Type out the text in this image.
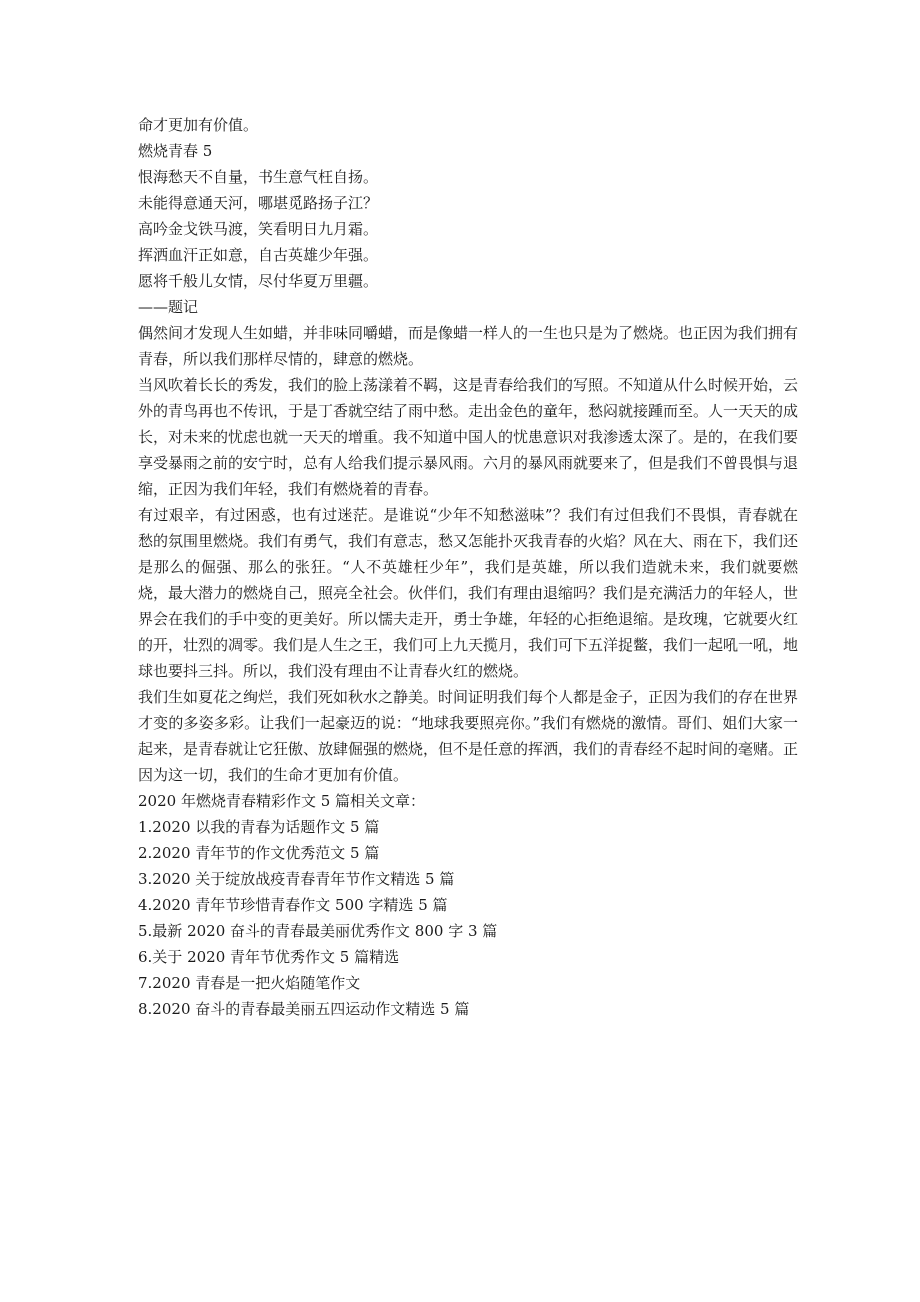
命才更加有价值。

燃烧青春 5

恨海愁天不自量，书生意气枉自扬。

未能得意通天河，哪堪觅路扬子江？

高吟金戈铁马渡，笑看明日九月霜。

挥洒血汗正如意，自古英雄少年强。

愿将千般儿女情，尽付华夏万里疆。

——题记

偶然间才发现人生如蜡，并非味同嚼蜡，而是像蜡一样人的一生也只是为了燃烧。也正因为我们拥有青春，所以我们那样尽情的，肆意的燃烧。

当风吹着长长的秀发，我们的脸上荡漾着不羁，这是青春给我们的写照。不知道从什么时候开始，云外的青鸟再也不传讯，于是丁香就空结了雨中愁。走出金色的童年，愁闷就接踵而至。人一天天的成长，对未来的忧虑也就一天天的增重。我不知道中国人的忧患意识对我渗透太深了。是的，在我们要享受暴雨之前的安宁时，总有人给我们提示暴风雨。六月的暴风雨就要来了，但是我们不曾畏惧与退缩，正因为我们年轻，我们有燃烧着的青春。

有过艰辛，有过困惑，也有过迷茫。是谁说“少年不知愁滋味”？我们有过但我们不畏惧，青春就在愁的氛围里燃烧。我们有勇气，我们有意志，愁又怎能扑灭我青春的火焰？风在大、雨在下，我们还是那么的倔强、那么的张狂。“人不英雄枉少年”，我们是英雄，所以我们造就未来，我们就要燃烧，最大潜力的燃烧自己，照亮全社会。伙伴们，我们有理由退缩吗？我们是充满活力的年轻人，世界会在我们的手中变的更美好。所以懦夫走开，勇士争雄，年轻的心拒绝退缩。是玫瑰，它就要火红的开，壮烈的凋零。我们是人生之王，我们可上九天揽月，我们可下五洋捉鳖，我们一起吼一吼，地球也要抖三抖。所以，我们没有理由不让青春火红的燃烧。

我们生如夏花之绚烂，我们死如秋水之静美。时间证明我们每个人都是金子，正因为我们的存在世界才变的多姿多彩。让我们一起豪迈的说：“地球我要照亮你。”我们有燃烧的激情。哥们、姐们大家一起来，是青春就让它狂傲、放肆倔强的燃烧，但不是任意的挥洒，我们的青春经不起时间的毫赌。正因为这一切，我们的生命才更加有价值。

2020 年燃烧青春精彩作文 5 篇相关文章：

1.2020 以我的青春为话题作文 5 篇

2.2020 青年节的作文优秀范文 5 篇

3.2020 关于绽放战疫青春青年节作文精选 5 篇

4.2020 青年节珍惜青春作文 500 字精选 5 篇

5.最新 2020 奋斗的青春最美丽优秀作文 800 字 3 篇

6.关于 2020 青年节优秀作文 5 篇精选

7.2020 青春是一把火焰随笔作文

8.2020 奋斗的青春最美丽五四运动作文精选 5 篇
